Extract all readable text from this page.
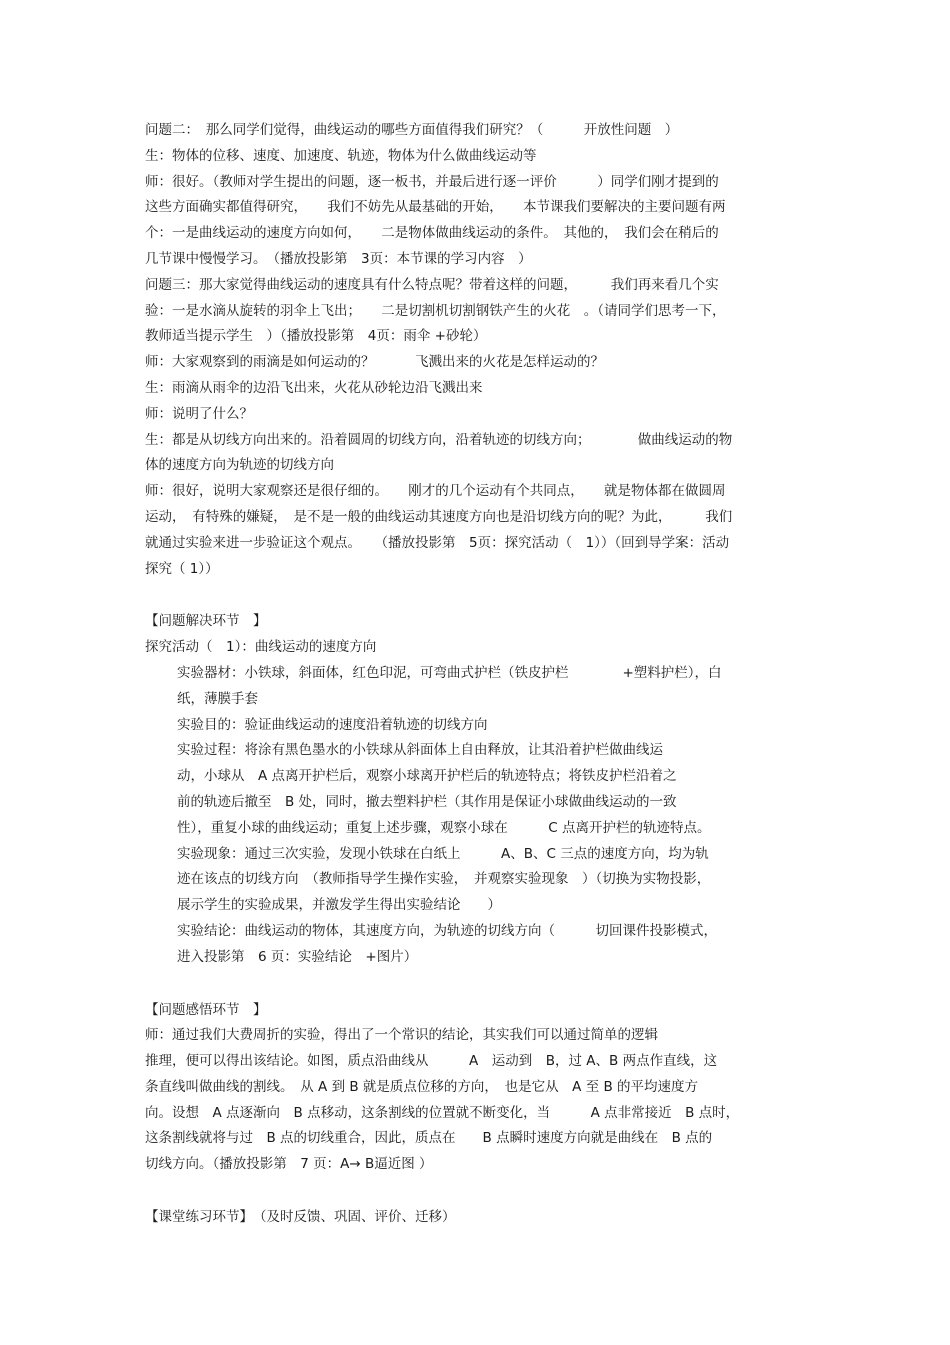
问题二：　那么同学们觉得，曲线运动的哪些方面值得我们研究？（　　　开放性问题　）
生：物体的位移、速度、加速度、轨迹，物体为什么做曲线运动等
师：很好。（教师对学生提出的问题，逐一板书，并最后进行逐一评价　　　）同学们刚才提到的
这些方面确实都值得研究，　　我们不妨先从最基础的开始，　　本节课我们要解决的主要问题有两
个：一是曲线运动的速度方向如何，　　二是物体做曲线运动的条件。　其他的，　我们会在稍后的
几节课中慢慢学习。　（播放投影第　3页：本节课的学习内容　）
问题三：那大家觉得曲线运动的速度具有什么特点呢？带着这样的问题，　　　我们再来看几个实
验：一是水滴从旋转的羽伞上飞出；　　二是切割机切割钢铁产生的火花　。（请同学们思考一下，
教师适当提示学生　）（播放投影第　4页：雨伞 +砂轮）
师：大家观察到的雨滴是如何运动的？　　　飞溅出来的火花是怎样运动的？
生：雨滴从雨伞的边沿飞出来，火花从砂轮边沿飞溅出来
师：说明了什么？
生：都是从切线方向出来的。沿着圆周的切线方向，沿着轨迹的切线方向；　　　　做曲线运动的物
体的速度方向为轨迹的切线方向
师：很好，说明大家观察还是很仔细的。　　刚才的几个运动有个共同点，　　就是物体都在做圆周
运动，　有特殊的嫌疑，　是不是一般的曲线运动其速度方向也是沿切线方向的呢？为此，　　　我们
就通过实验来进一步验证这个观点。　　（播放投影第　5页：探究活动（　1））（回到导学案：活动
探究（ 1））
【问题解决环节　】
探究活动（　1）：曲线运动的速度方向
实验器材：小铁球，斜面体，红色印泥，可弯曲式护栏（铁皮护栏　　　　+塑料护栏），白
纸，薄膜手套
实验目的：验证曲线运动的速度沿着轨迹的切线方向
实验过程：将涂有黑色墨水的小铁球从斜面体上自由释放，让其沿着护栏做曲线运
动，小球从　A 点离开护栏后，观察小球离开护栏后的轨迹特点；将铁皮护栏沿着之
前的轨迹后撤至　B 处，同时，撤去塑料护栏（其作用是保证小球做曲线运动的一致
性），重复小球的曲线运动；重复上述步骤，观察小球在　　　C 点离开护栏的轨迹特点。
实验现象：通过三次实验，发现小铁球在白纸上　　　A、B、C 三点的速度方向，均为轨
迹在该点的切线方向　（教师指导学生操作实验，　并观察实验现象　）（切换为实物投影，
展示学生的实验成果，并激发学生得出实验结论　　）
实验结论：曲线运动的物体，其速度方向，为轨迹的切线方向（　　　切回课件投影模式，
进入投影第　6 页：实验结论　+图片）
【问题感悟环节　】
师：通过我们大费周折的实验，得出了一个常识的结论，其实我们可以通过简单的逻辑
推理，便可以得出该结论。如图，质点沿曲线从　　　A　运动到　B，过 A、B 两点作直线，这
条直线叫做曲线的割线。　从 A 到 B 就是质点位移的方向，　也是它从　A 至 B 的平均速度方
向。设想　A 点逐渐向　B 点移动，这条割线的位置就不断变化，当　　　A 点非常接近　B 点时，
这条割线就将与过　B 点的切线重合，因此，质点在　　B 点瞬时速度方向就是曲线在　B 点的
切线方向。（播放投影第　7 页：A→ B逼近图 ）
【课堂练习环节】　（及时反馈、巩固、评价、迁移）
